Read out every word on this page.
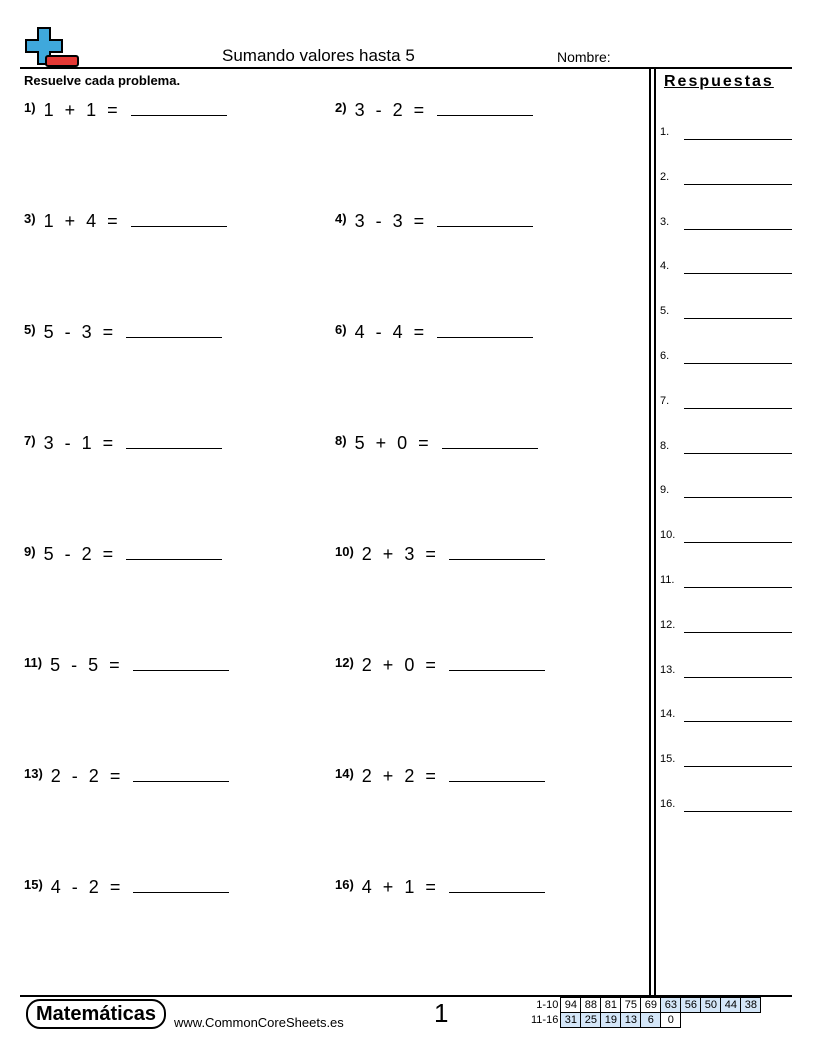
Sumando valores hasta 5	Nombre:
Resuelve cada problema.	Respuestas
1.
2.
3.
4.
5.
6.
7.
8.
9.
10.
11.
12.
13.
14.
15.
16.
$^{1)}$ 1 + 1 =	$^{2)}$ 3 - 2 =
$^{3)}$ 1 + 4 =	$^{4)}$ 3 - 3 =
$^{5)}$ 5 - 3 =	$^{6)}$ 4 - 4 =
$^{7)}$ 3 - 1 =	$^{8)}$ 5 + 0 =
$^{9)}$ 5 - 2 =	$^{10)}$ 2 + 3 =
$^{11)}$ 5 - 5 =	$^{12)}$ 2 + 0 =
$^{13)}$ 2 - 2 =	$^{14)}$ 2 + 2 =
$^{15)}$ 4 - 2 =	$^{16)}$ 4 + 1 =
Matemáticas	www.CommonCoreSheets.es	1	1-10	94	88	81	75	69	63	56	50	44	38
11-16	31	25	19	13	6	0				
